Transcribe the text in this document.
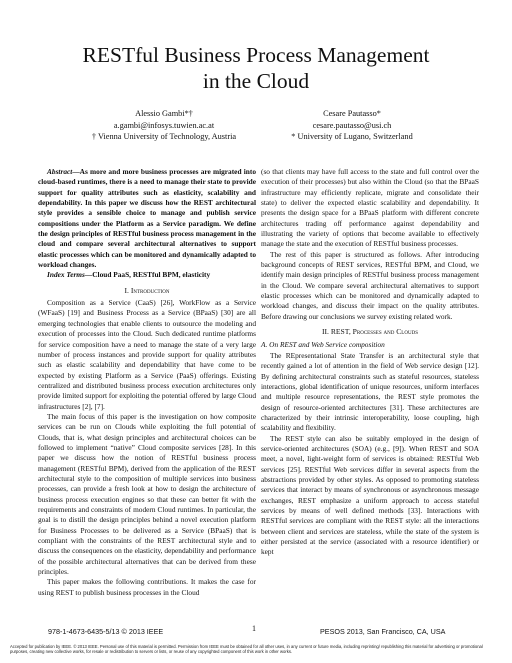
RESTful Business Process Management
in the Cloud
Alessio Gambi*†
a.gambi@infosys.tuwien.ac.at
† Vienna University of Technology, Austria
Cesare Pautasso*
cesare.pautasso@usi.ch
* University of Lugano, Switzerland

Abstract—As more and more business processes are migrated into cloud-based runtimes, there is a need to manage their state to provide support for quality attributes such as elasticity, scalability and dependability. In this paper we discuss how the REST architectural style provides a sensible choice to manage and publish service compositions under the Platform as a Service paradigm. We define the design principles of RESTful business process management in the cloud and compare several architectural alternatives to support elastic processes which can be monitored and dynamically adapted to workload changes.

Index Terms—Cloud PaaS, RESTful BPM, elasticity

I. Introduction

Composition as a Service (CaaS) [26], WorkFlow as a Service (WFaaS) [19] and Business Process as a Service (BPaaS) [30] are all emerging technologies that enable clients to outsource the modeling and execution of processes into the Cloud. Such dedicated runtime platforms for service composition have a need to manage the state of a very large number of process instances and provide support for quality attributes such as elastic scalability and dependability that have come to be expected by existing Platform as a Service (PaaS) offerings. Existing centralized and distributed business process execution architectures only provide limited support for exploiting the potential offered by large Cloud infrastructures [2], [7].

The main focus of this paper is the investigation on how composite services can be run on Clouds while exploiting the full potential of Clouds, that is, what design principles and architectural choices can be followed to implement “native” Cloud composite services [28]. In this paper we discuss how the notion of RESTful business process management (RESTful BPM), derived from the application of the REST architectural style to the composition of multiple services into business processes, can provide a fresh look at how to design the architecture of business process execution engines so that these can better fit with the requirements and constraints of modern Cloud runtimes. In particular, the goal is to distill the design principles behind a novel execution platform for Business Processes to be delivered as a Service (BPaaS) that is compliant with the constraints of the REST architectural style and to discuss the consequences on the elasticity, dependability and performance of the possible architectural alternatives that can be derived from these principles.

This paper makes the following contributions. It makes the case for using REST to publish business processes in the Cloud

(so that clients may have full access to the state and full control over the execution of their processes) but also within the Cloud (so that the BPaaS infrastructure may efficiently replicate, migrate and consolidate their state) to deliver the expected elastic scalability and dependability. It presents the design space for a BPaaS platform with different concrete architectures trading off performance against dependability and illustrating the variety of options that become available to effectively manage the state and the execution of RESTful business processes.

The rest of this paper is structured as follows. After introducing background concepts of REST services, RESTful BPM, and Cloud, we identify main design principles of RESTful business process management in the Cloud. We compare several architectural alternatives to support elastic processes which can be monitored and dynamically adapted to workload changes, and discuss their impact on the quality attributes. Before drawing our conclusions we survey existing related work.

II. REST, Processes and Clouds
A. On REST and Web Service composition

The REpresentational State Transfer is an architectural style that recently gained a lot of attention in the field of Web service design [12]. By defining architectural constraints such as stateful resources, stateless interactions, global identification of unique resources, uniform interfaces and multiple resource representations, the REST style promotes the design of resource-oriented architectures [31]. These architectures are characterized by their intrinsic interoperability, loose coupling, high scalability and flexibility.

The REST style can also be suitably employed in the design of service-oriented architectures (SOA) (e.g., [9]). When REST and SOA meet, a novel, light-weight form of services is obtained: RESTful Web services [25]. RESTful Web services differ in several aspects from the abstractions provided by other styles. As opposed to promoting stateless services that interact by means of synchronous or asynchronous message exchanges, REST emphasize a uniform approach to access stateful services by means of well defined methods [33]. Interactions with RESTful services are compliant with the REST style: all the interactions between client and services are stateless, while the state of the system is either persisted at the service (associated with a resource identifier) or kept

978-1-4673-6435-5/13 © 2013 IEEE	1	PESOS 2013, San Francisco, CA, USA
Accepted for publication by IEEE. © 2013 IEEE. Personal use of this material is permitted. Permission from IEEE must be obtained for all other uses, in any current or future media, including reprinting/ republishing this material for advertising or promotional purposes, creating new collective works, for resale or redistribution to servers or lists, or reuse of any copyrighted component of this work in other works.
